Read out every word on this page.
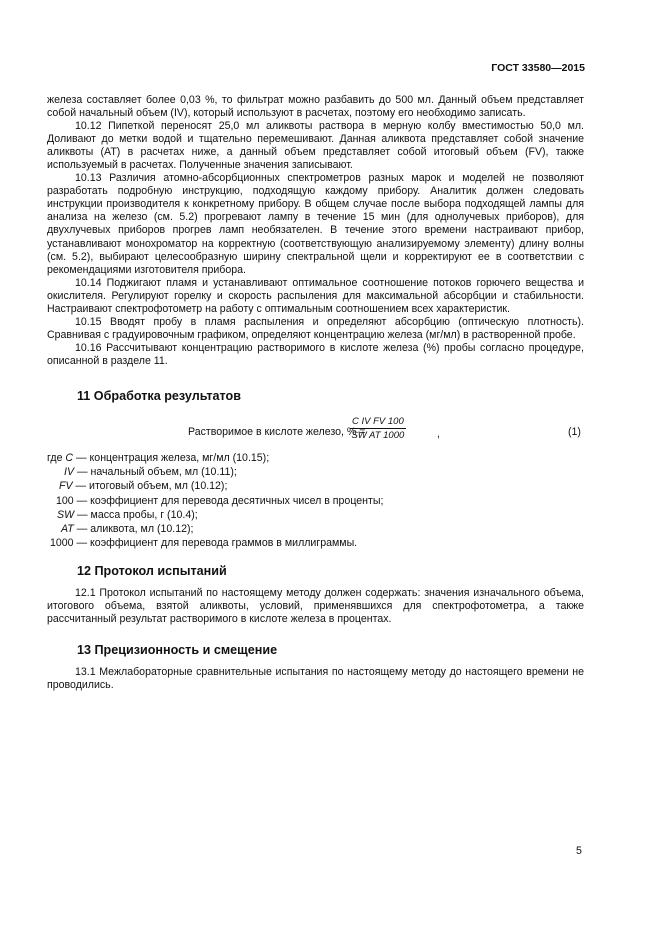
ГОСТ 33580—2015

железа составляет более 0,03 %, то фильтрат можно разбавить до 500 мл. Данный объем представляет собой начальный объем (IV), который используют в расчетах, поэтому его необходимо записать.

10.12 Пипеткой переносят 25,0 мл аликвоты раствора в мерную колбу вместимостью 50,0 мл. Доливают до метки водой и тщательно перемешивают. Данная аликвота представляет собой значение аликвоты (AT) в расчетах ниже, а данный объем представляет собой итоговый объем (FV), также используемый в расчетах. Полученные значения записывают.

10.13 Различия атомно-абсорбционных спектрометров разных марок и моделей не позволяют разработать подробную инструкцию, подходящую каждому прибору. Аналитик должен следовать инструкции производителя к конкретному прибору. В общем случае после выбора подходящей лампы для анализа на железо (см. 5.2) прогревают лампу в течение 15 мин (для однолучевых приборов), для двухлучевых приборов прогрев ламп необязателен. В течение этого времени настраивают прибор, устанавливают монохроматор на корректную (соответствующую анализируемому элементу) длину волны (см. 5.2), выбирают целесообразную ширину спектральной щели и корректируют ее в соответствии с рекомендациями изготовителя прибора.

10.14 Поджигают пламя и устанавливают оптимальное соотношение потоков горючего вещества и окислителя. Регулируют горелку и скорость распыления для максимальной абсорбции и стабильности. Настраивают спектрофотометр на работу с оптимальным соотношением всех характеристик.

10.15 Вводят пробу в пламя распыления и определяют абсорбцию (оптическую плотность). Сравнивая с градуировочным графиком, определяют концентрацию железа (мг/мл) в растворенной пробе.

10.16 Рассчитывают концентрацию растворимого в кислоте железа (%) пробы согласно процедуре, описанной в разделе 11.

11 Обработка результатов
Растворимое в кислоте железо, % =
$\frac{\text{C IV FV 100}}{\text{SW AT 1000}}$	,	(1)
где C — концентрация железа, мг/мл (10.15);
IV — начальный объем, мл (10.11);
FV — итоговый объем, мл (10.12);
100 — коэффициент для перевода десятичных чисел в проценты;
SW — масса пробы, г (10.4);
AT — аликвота, мл (10.12);
1000 — коэффициент для перевода граммов в миллиграммы.
12 Протокол испытаний

12.1 Протокол испытаний по настоящему методу должен содержать: значения изначального объема, итогового объема, взятой аликвоты, условий, применявшихся для спектрофотометра, а также рассчитанный результат растворимого в кислоте железа в процентах.

13 Прецизионность и смещение

13.1 Межлабораторные сравнительные испытания по настоящему методу до настоящего времени не проводились.

5
